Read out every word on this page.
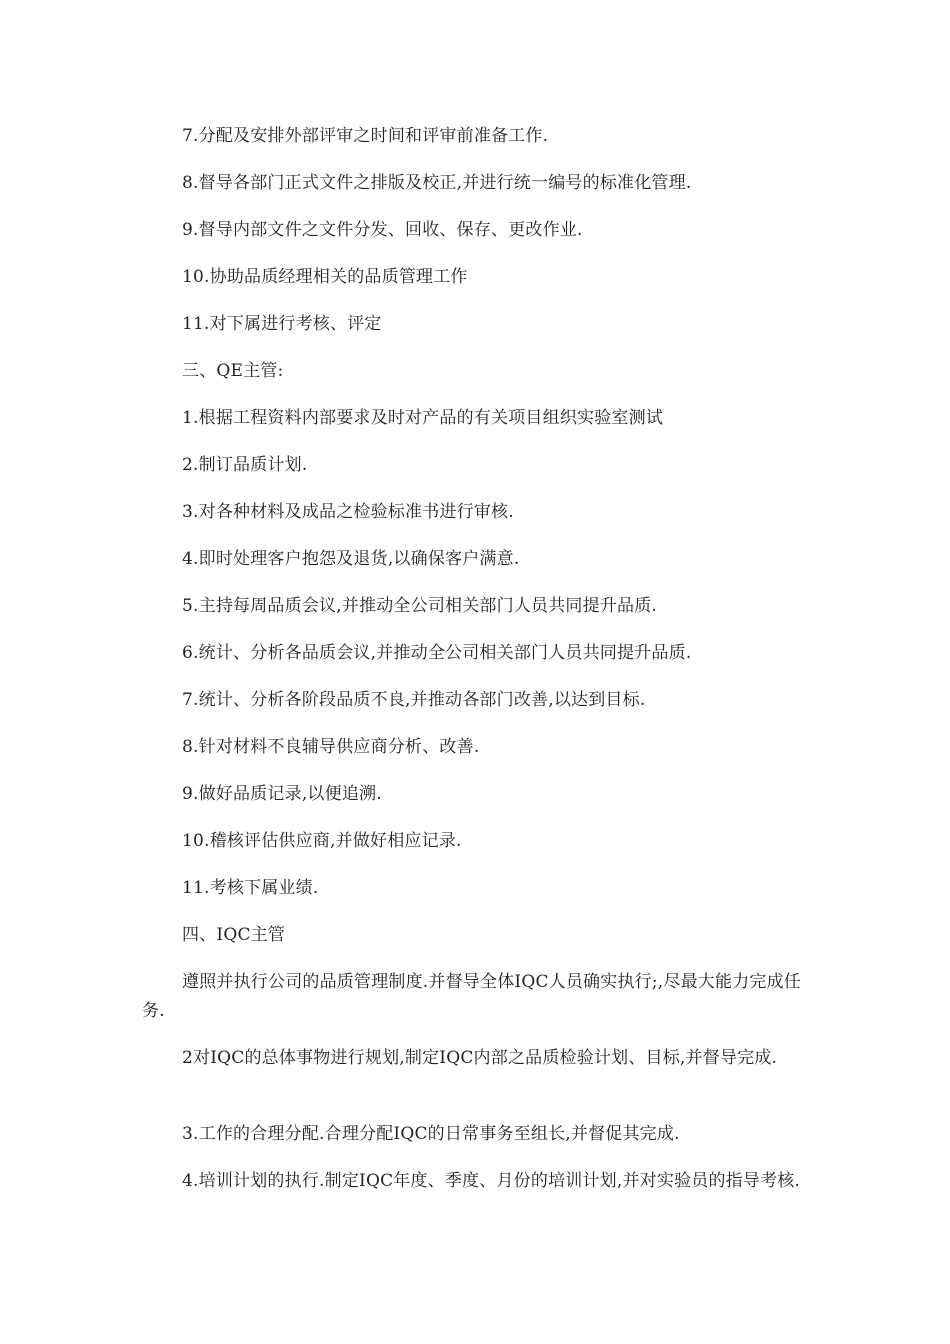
7.分配及安排外部评审之时间和评审前准备工作.

8.督导各部门正式文件之排版及校正,并进行统一编号的标准化管理.

9.督导内部文件之文件分发、回收、保存、更改作业.

10.协助品质经理相关的品质管理工作

11.对下属进行考核、评定

三、QE主管:

1.根据工程资料内部要求及时对产品的有关项目组织实验室测试

2.制订品质计划.

3.对各种材料及成品之检验标准书进行审核.

4.即时处理客户抱怨及退货,以确保客户满意.

5.主持每周品质会议,并推动全公司相关部门人员共同提升品质.

6.统计、分析各品质会议,并推动全公司相关部门人员共同提升品质.

7.统计、分析各阶段品质不良,并推动各部门改善,以达到目标.

8.针对材料不良辅导供应商分析、改善.

9.做好品质记录,以便追溯.

10.稽核评估供应商,并做好相应记录.

11.考核下属业绩.

四、IQC主管

遵照并执行公司的品质管理制度.并督导全体IQC人员确实执行;,尽最大能力完成任务.

2对IQC的总体事物进行规划,制定IQC内部之品质检验计划、目标,并督导完成.

3.工作的合理分配.合理分配IQC的日常事务至组长,并督促其完成.

4.培训计划的执行.制定IQC年度、季度、月份的培训计划,并对实验员的指导考核.
